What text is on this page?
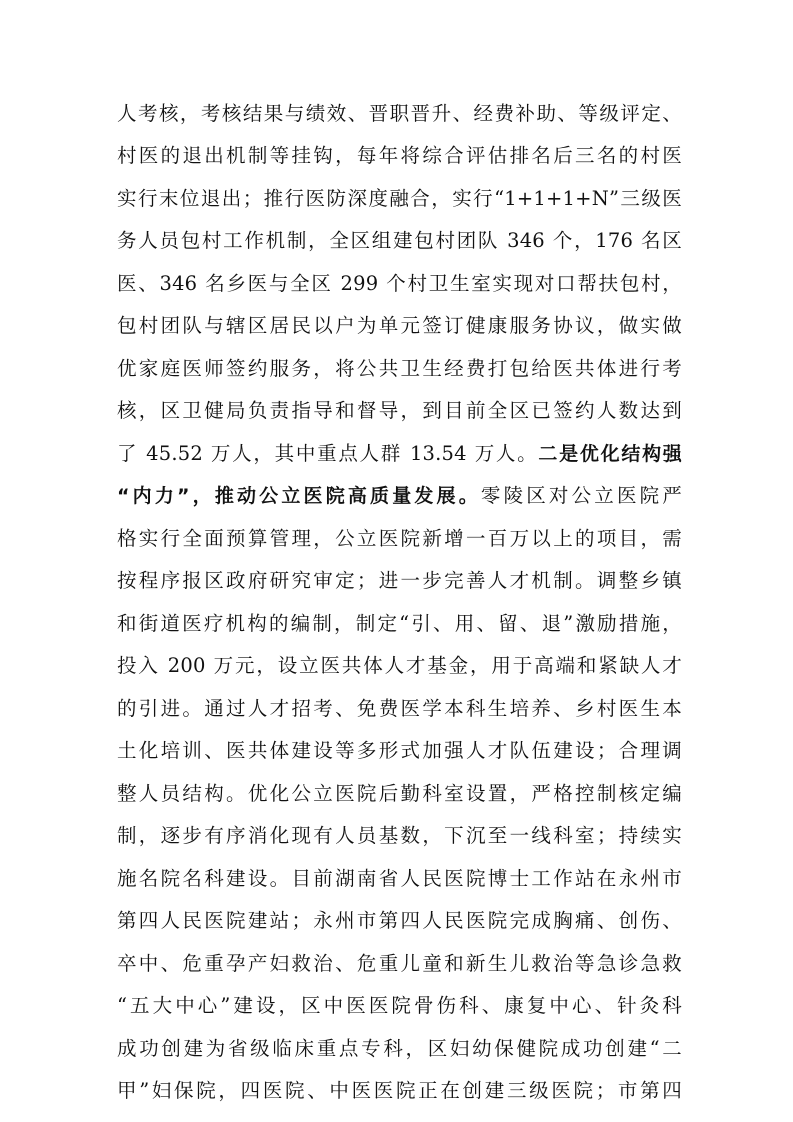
人考核，考核结果与绩效、晋职晋升、经费补助、等级评定、

村医的退出机制等挂钩，每年将综合评估排名后三名的村医

实行末位退出；推行医防深度融合，实行“1+1+1+N”三级医

务人员包村工作机制，全区组建包村团队 346 个，176 名区

医、346 名乡医与全区 299 个村卫生室实现对口帮扶包村，

包村团队与辖区居民以户为单元签订健康服务协议，做实做

优家庭医师签约服务，将公共卫生经费打包给医共体进行考

核，区卫健局负责指导和督导，到目前全区已签约人数达到

了 45.52 万人，其中重点人群 13.54 万人。二是优化结构强

“内力”，推动公立医院高质量发展。零陵区对公立医院严

格实行全面预算管理，公立医院新增一百万以上的项目，需

按程序报区政府研究审定；进一步完善人才机制。调整乡镇

和街道医疗机构的编制，制定“引、用、留、退”激励措施，

投入 200 万元，设立医共体人才基金，用于高端和紧缺人才

的引进。通过人才招考、免费医学本科生培养、乡村医生本

土化培训、医共体建设等多形式加强人才队伍建设；合理调

整人员结构。优化公立医院后勤科室设置，严格控制核定编

制，逐步有序消化现有人员基数，下沉至一线科室；持续实

施名院名科建设。目前湖南省人民医院博士工作站在永州市

第四人民医院建站；永州市第四人民医院完成胸痛、创伤、

卒中、危重孕产妇救治、危重儿童和新生儿救治等急诊急救

“五大中心”建设，区中医医院骨伤科、康复中心、针灸科

成功创建为省级临床重点专科，区妇幼保健院成功创建“二

甲”妇保院，四医院、中医医院正在创建三级医院；市第四
